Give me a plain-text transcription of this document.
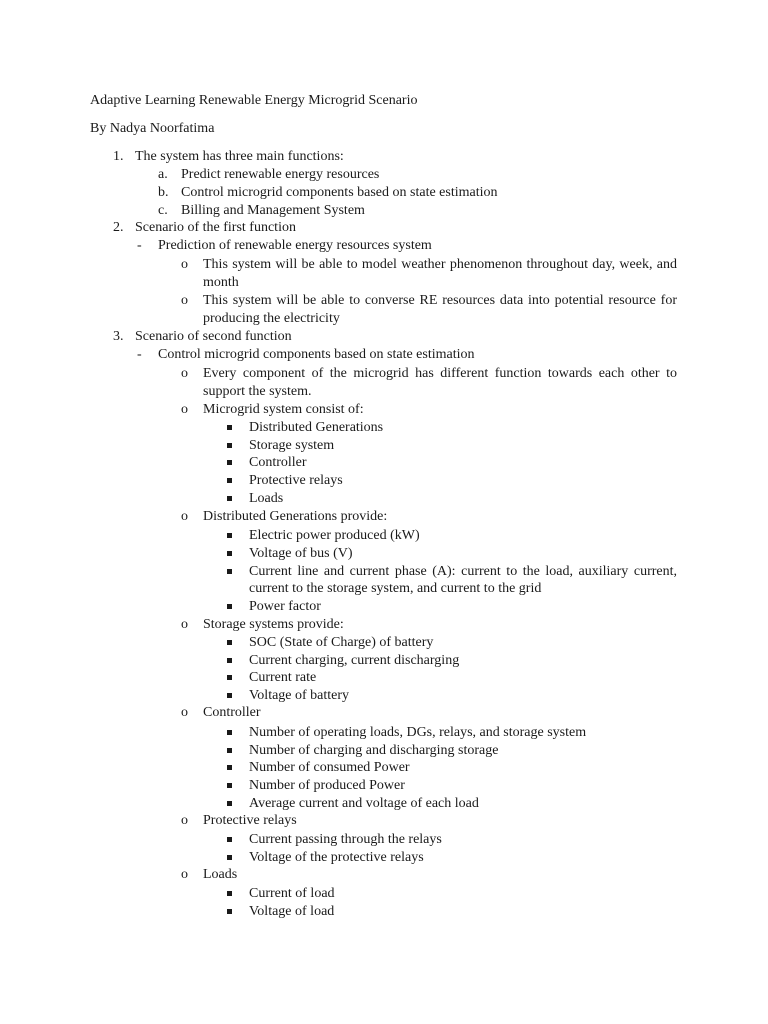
Adaptive Learning Renewable Energy Microgrid Scenario
By Nadya Noorfatima
1. The system has three main functions:
a. Predict renewable energy resources
b. Control microgrid components based on state estimation
c. Billing and Management System
2. Scenario of the first function
- Prediction of renewable energy resources system
o This system will be able to model weather phenomenon throughout day, week, and
month
o This system will be able to converse RE resources data into potential resource for
producing the electricity
3. Scenario of second function
- Control microgrid components based on state estimation
o Every component of the microgrid has different function towards each other to
support the system.
o Microgrid system consist of:
Distributed Generations
Storage system
Controller
Protective relays
Loads
o Distributed Generations provide:
Electric power produced (kW)
Voltage of bus (V)
Current line and current phase (A): current to the load, auxiliary current,
current to the storage system, and current to the grid
Power factor
o Storage systems provide:
SOC (State of Charge) of battery
Current charging, current discharging
Current rate
Voltage of battery
o Controller
Number of operating loads, DGs, relays, and storage system
Number of charging and discharging storage
Number of consumed Power
Number of produced Power
Average current and voltage of each load
o Protective relays
Current passing through the relays
Voltage of the protective relays
o Loads
Current of load
Voltage of load
